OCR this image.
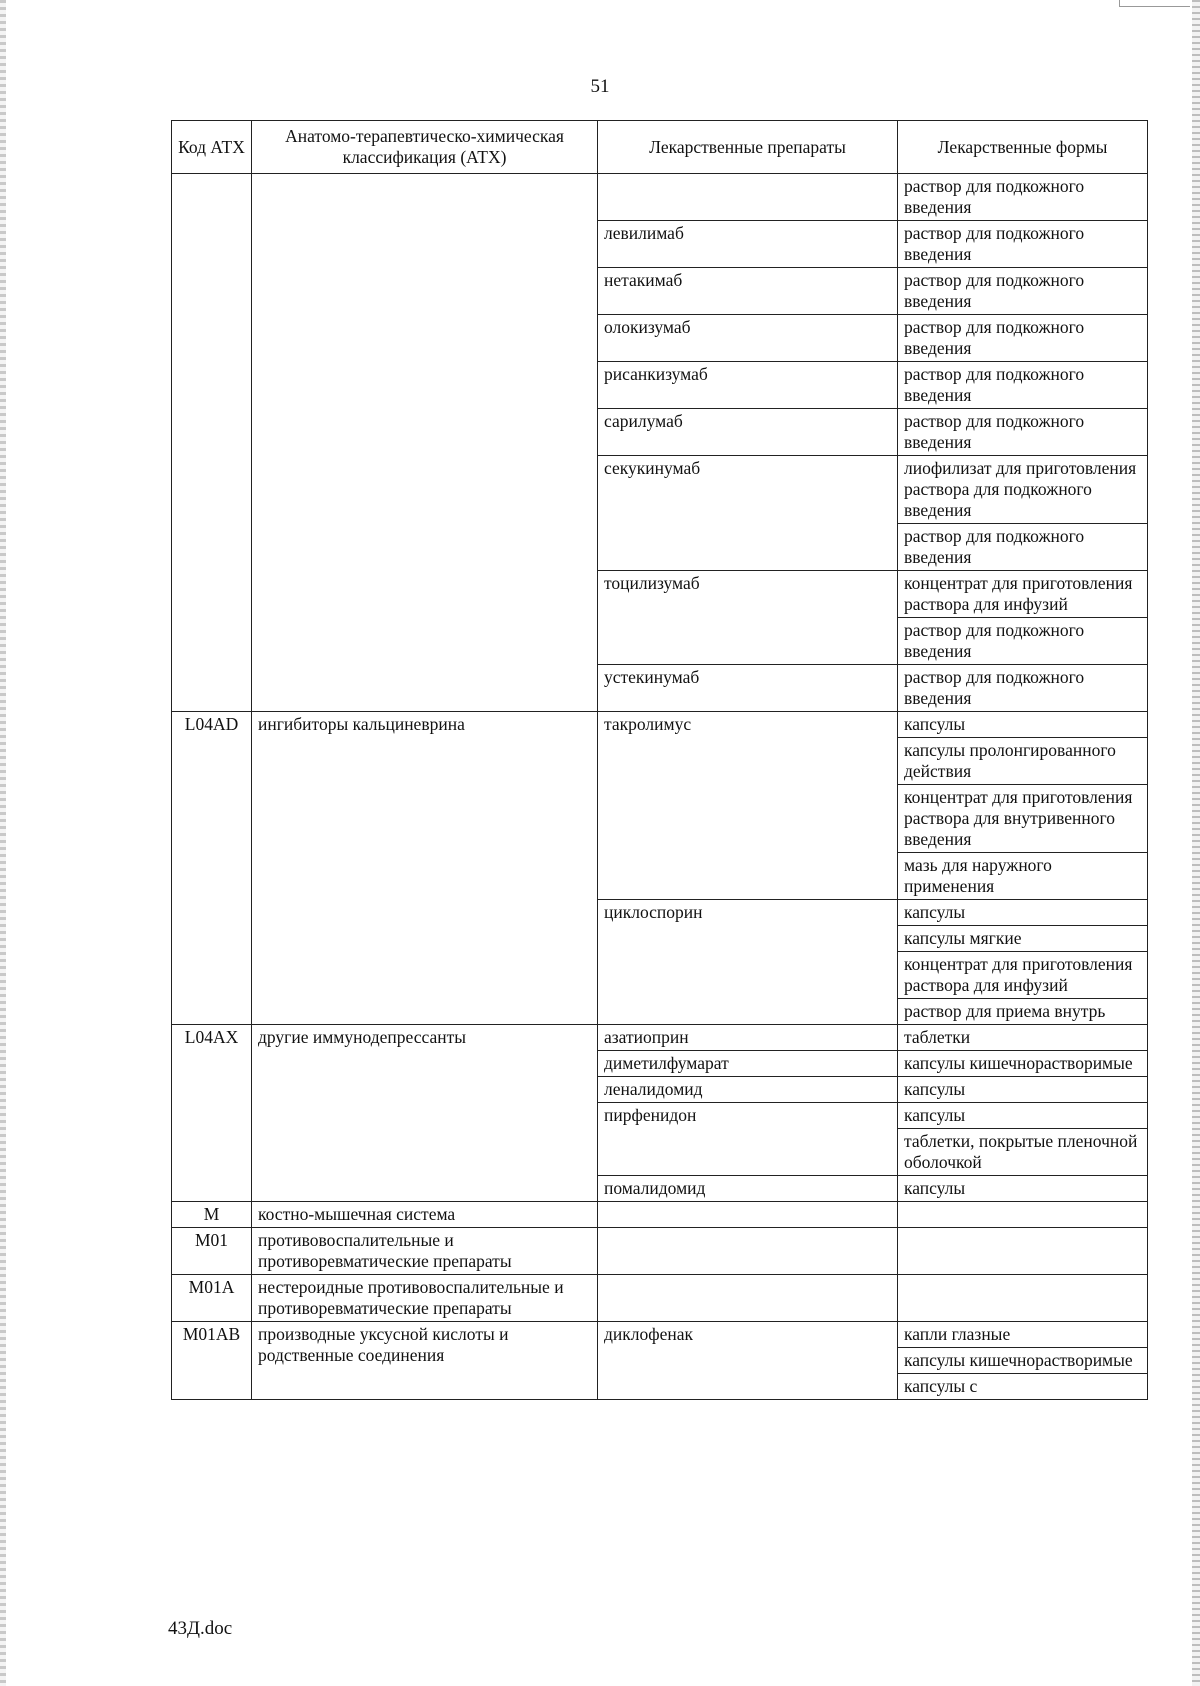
51
Код АТХ	Анатомо-терапевтическо-химическая классификация (АТХ)	Лекарственные препараты	Лекарственные формы
			раствор для подкожного введения
		левилимаб	раствор для подкожного введения
		нетакимаб	раствор для подкожного введения
		олокизумаб	раствор для подкожного введения
		рисанкизумаб	раствор для подкожного введения
		сарилумаб	раствор для подкожного введения
		секукинумаб	лиофилизат для приготовления раствора для подкожного введения
			раствор для подкожного введения
		тоцилизумаб	концентрат для приготовления раствора для инфузий
			раствор для подкожного введения
		устекинумаб	раствор для подкожного введения
L04AD	ингибиторы кальциневрина	такролимус	капсулы
			капсулы пролонгированного действия
			концентрат для приготовления раствора для внутривенного введения
			мазь для наружного применения
		циклоспорин	капсулы
			капсулы мягкие
			концентрат для приготовления раствора для инфузий
			раствор для приема внутрь
L04AX	другие иммунодепрессанты	азатиоприн	таблетки
		диметилфумарат	капсулы кишечнорастворимые
		леналидомид	капсулы
		пирфенидон	капсулы
			таблетки, покрытые пленочной оболочкой
		помалидомид	капсулы
M	костно-мышечная система		
M01	противовоспалительные и противоревматические препараты		
M01A	нестероидные противовоспалительные и противоревматические препараты		
M01AB	производные уксусной кислоты и родственные соединения	диклофенак	капли глазные
			капсулы кишечнорастворимые
			капсулы с
43Д.doc
